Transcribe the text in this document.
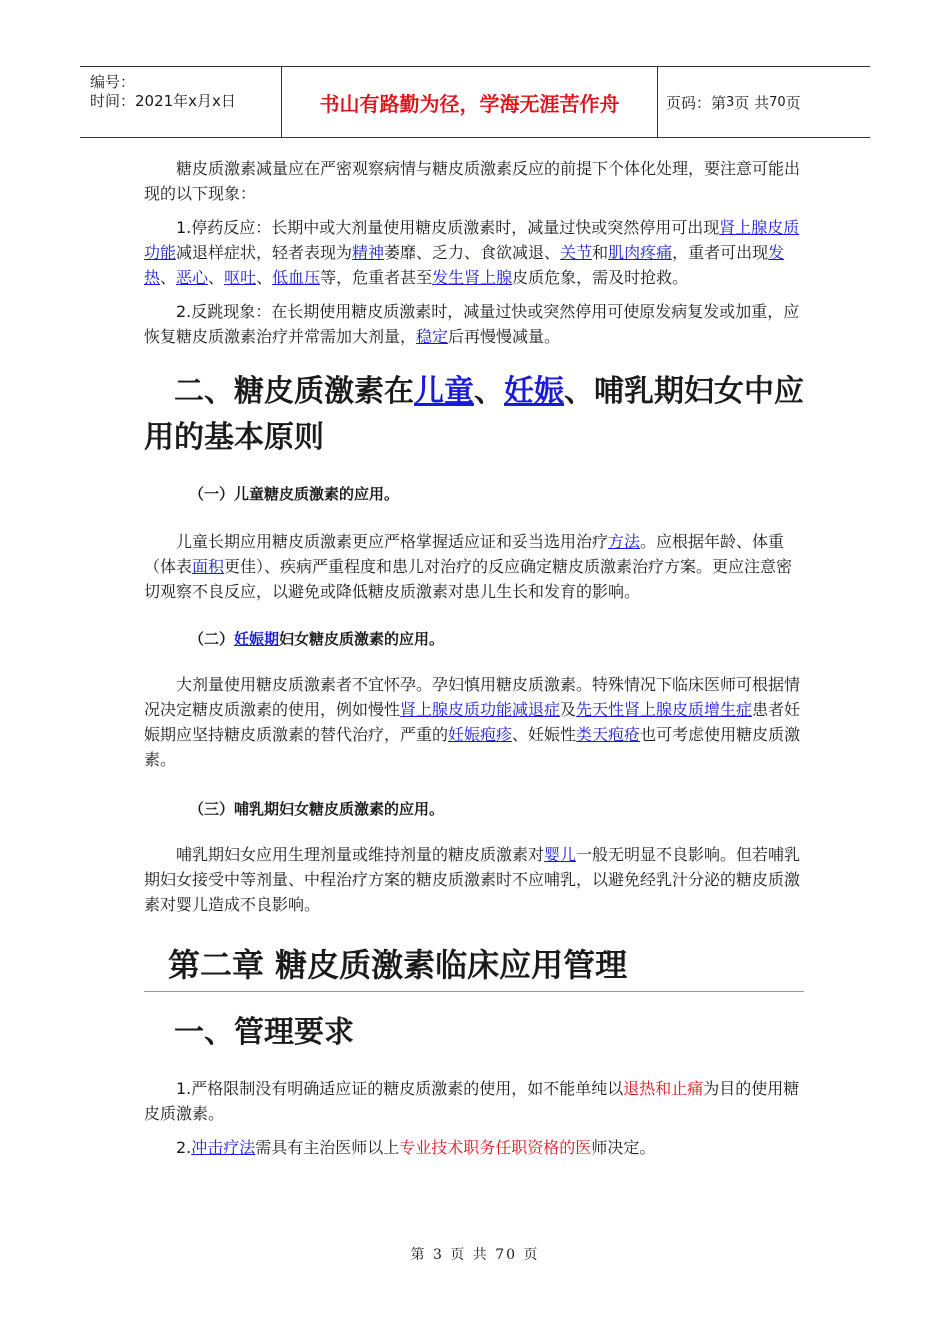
编号：
时间：2021年x月x日	书山有路勤为径，学海无涯苦作舟	页码：第 3 页 共 70 页

糖皮质激素减量应在严密观察病情与糖皮质激素反应的前提下个体化处理，要注意可能出现的以下现象：

1.停药反应：长期中或大剂量使用糖皮质激素时，减量过快或突然停用可出现肾上腺皮质功能减退样症状，轻者表现为精神萎靡、乏力、食欲减退、关节和肌肉疼痛，重者可出现发热、恶心、呕吐、低血压等，危重者甚至发生肾上腺皮质危象，需及时抢救。

2.反跳现象：在长期使用糖皮质激素时，减量过快或突然停用可使原发病复发或加重，应恢复糖皮质激素治疗并常需加大剂量，稳定后再慢慢减量。

二、糖皮质激素在儿童、妊娠、哺乳期妇女中应用的基本原则
（一）儿童糖皮质激素的应用。

儿童长期应用糖皮质激素更应严格掌握适应证和妥当选用治疗方法。应根据年龄、体重（体表面积更佳）、疾病严重程度和患儿对治疗的反应确定糖皮质激素治疗方案。更应注意密切观察不良反应，以避免或降低糖皮质激素对患儿生长和发育的影响。

（二）妊娠期妇女糖皮质激素的应用。

大剂量使用糖皮质激素者不宜怀孕。孕妇慎用糖皮质激素。特殊情况下临床医师可根据情况决定糖皮质激素的使用，例如慢性肾上腺皮质功能减退症及先天性肾上腺皮质增生症患者妊娠期应坚持糖皮质激素的替代治疗，严重的妊娠疱疹、妊娠性类天疱疮也可考虑使用糖皮质激素。

（三）哺乳期妇女糖皮质激素的应用。

哺乳期妇女应用生理剂量或维持剂量的糖皮质激素对婴儿一般无明显不良影响。但若哺乳期妇女接受中等剂量、中程治疗方案的糖皮质激素时不应哺乳，以避免经乳汁分泌的糖皮质激素对婴儿造成不良影响。

第二章 糖皮质激素临床应用管理
一、管理要求

1.严格限制没有明确适应证的糖皮质激素的使用，如不能单纯以退热和止痛为目的使用糖皮质激素。

2.冲击疗法需具有主治医师以上专业技术职务任职资格的医师决定。

第 3 页 共 70 页
